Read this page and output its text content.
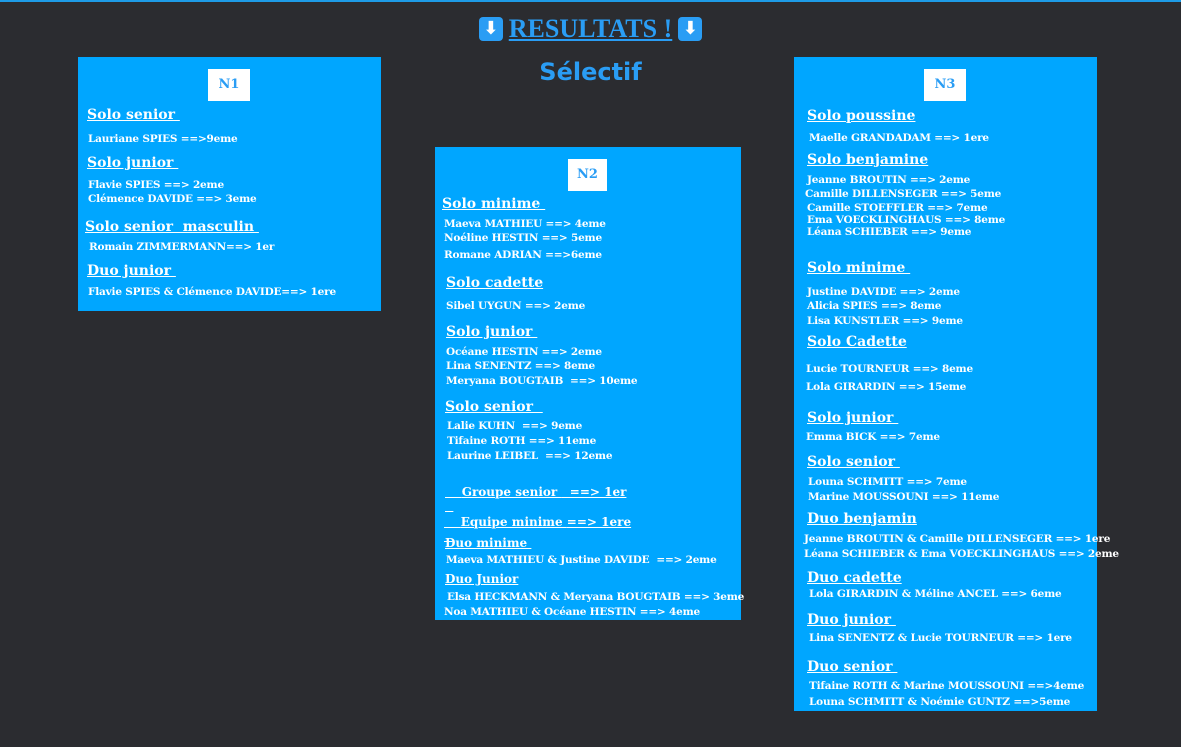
⬇ RESULTATS ! ⬇
Sélectif
N1
Solo senior
Lauriane SPIES ==>9eme
Solo junior
Flavie SPIES ==> 2eme
Clémence DAVIDE ==> 3eme
Solo senior  masculin
Romain ZIMMERMANN==> 1er
Duo junior
Flavie SPIES & Clémence DAVIDE==> 1ere
N2
Solo minime
Maeva MATHIEU ==> 4eme
Noéline HESTIN ==> 5eme
Romane ADRIAN ==>6eme
Solo cadette
Sibel UYGUN ==> 2eme
Solo junior
Océane HESTIN ==> 2eme
Lina SENENTZ ==> 8eme
Meryana BOUGTAIB  ==> 10eme
Solo senior
Lalie KUHN  ==> 9eme
Tifaine ROTH ==> 11eme
Laurine LEIBEL  ==> 12eme

Groupe senior   ==> 1er

Equipe minime ==> 1ere

Duo minime
Maeva MATHIEU & Justine DAVIDE  ==> 2eme
Duo Junior
Elsa HECKMANN & Meryana BOUGTAIB ==> 3eme
Noa MATHIEU & Océane HESTIN ==> 4eme
N3
Solo poussine
Maelle GRANDADAM ==> 1ere
Solo benjamine
Jeanne BROUTIN ==> 2eme
Camille DILLENSEGER ==> 5eme
Camille STOEFFLER ==> 7eme
Ema VOECKLINGHAUS ==> 8eme
Léana SCHIEBER ==> 9eme
Solo minime
Justine DAVIDE ==> 2eme
Alicia SPIES ==> 8eme
Lisa KUNSTLER ==> 9eme
Solo Cadette
Lucie TOURNEUR ==> 8eme
Lola GIRARDIN ==> 15eme
Solo junior
Emma BICK ==> 7eme
Solo senior
Louna SCHMITT ==> 7eme
Marine MOUSSOUNI ==> 11eme
Duo benjamin
Jeanne BROUTIN & Camille DILLENSEGER ==> 1ere
Léana SCHIEBER & Ema VOECKLINGHAUS ==> 2eme
Duo cadette
Lola GIRARDIN & Méline ANCEL ==> 6eme
Duo junior
Lina SENENTZ & Lucie TOURNEUR ==> 1ere
Duo senior
Tifaine ROTH & Marine MOUSSOUNI ==>4eme
Louna SCHMITT & Noémie GUNTZ ==>5eme
